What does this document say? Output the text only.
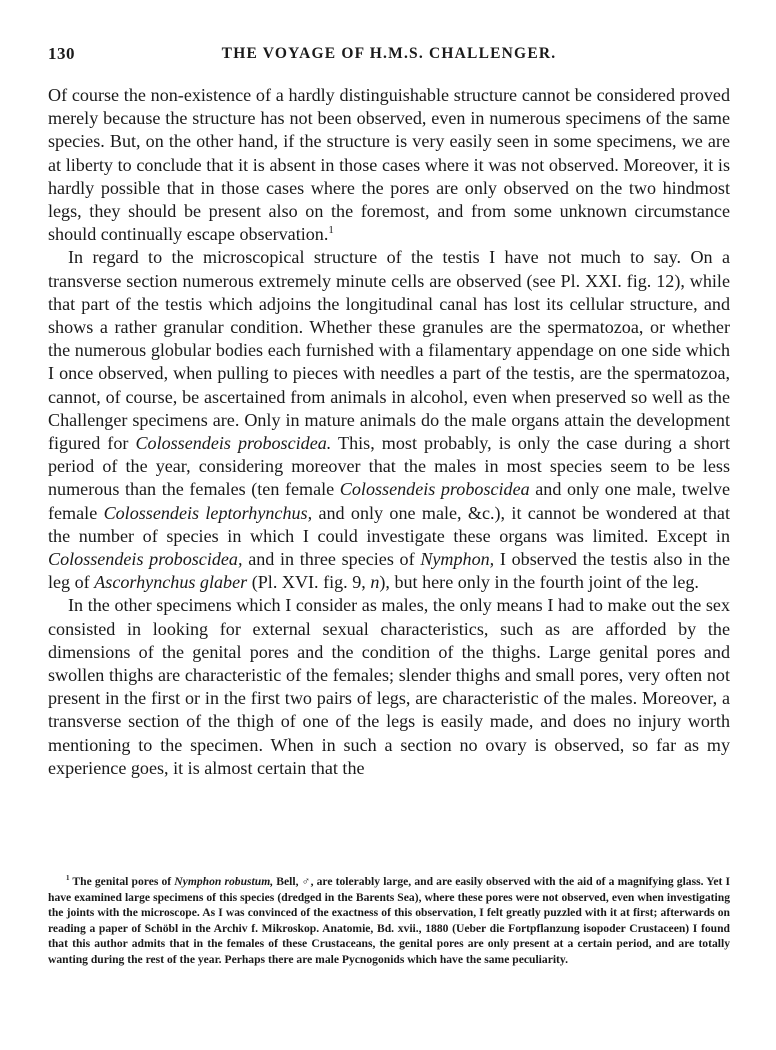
130	THE VOYAGE OF H.M.S. CHALLENGER.

Of course the non-existence of a hardly distinguishable structure cannot be considered proved merely because the structure has not been observed, even in numerous specimens of the same species. But, on the other hand, if the structure is very easily seen in some specimens, we are at liberty to conclude that it is absent in those cases where it was not observed. Moreover, it is hardly possible that in those cases where the pores are only observed on the two hindmost legs, they should be present also on the foremost, and from some unknown circumstance should continually escape observation.$^1$

In regard to the microscopical structure of the testis I have not much to say. On a transverse section numerous extremely minute cells are observed (see Pl. XXI. fig. 12), while that part of the testis which adjoins the longitudinal canal has lost its cellular structure, and shows a rather granular condition. Whether these granules are the spermatozoa, or whether the numerous globular bodies each furnished with a filamentary appendage on one side which I once observed, when pulling to pieces with needles a part of the testis, are the spermatozoa, cannot, of course, be ascertained from animals in alcohol, even when preserved so well as the Challenger specimens are. Only in mature animals do the male organs attain the development figured for Colossendeis proboscidea. This, most probably, is only the case during a short period of the year, considering moreover that the males in most species seem to be less numerous than the females (ten female Colossendeis proboscidea and only one male, twelve female Colossendeis leptorhynchus, and only one male, &c.), it cannot be wondered at that the number of species in which I could investigate these organs was limited. Except in Colossendeis proboscidea, and in three species of Nymphon, I observed the testis also in the leg of Ascorhynchus glaber (Pl. XVI. fig. 9, n), but here only in the fourth joint of the leg.

In the other specimens which I consider as males, the only means I had to make out the sex consisted in looking for external sexual characteristics, such as are afforded by the dimensions of the genital pores and the condition of the thighs. Large genital pores and swollen thighs are characteristic of the females; slender thighs and small pores, very often not present in the first or in the first two pairs of legs, are characteristic of the males. Moreover, a transverse section of the thigh of one of the legs is easily made, and does no injury worth mentioning to the specimen. When in such a section no ovary is observed, so far as my experience goes, it is almost certain that the

$^1$ The genital pores of Nymphon robustum, Bell, ♂, are tolerably large, and are easily observed with the aid of a magnifying glass. Yet I have examined large specimens of this species (dredged in the Barents Sea), where these pores were not observed, even when investigating the joints with the microscope. As I was convinced of the exactness of this observation, I felt greatly puzzled with it at first; afterwards on reading a paper of Schöbl in the Archiv f. Mikroskop. Anatomie, Bd. xvii., 1880 (Ueber die Fortpflanzung isopoder Crustaceen) I found that this author admits that in the females of these Crustaceans, the genital pores are only present at a certain period, and are totally wanting during the rest of the year. Perhaps there are male Pycnogonids which have the same peculiarity.
